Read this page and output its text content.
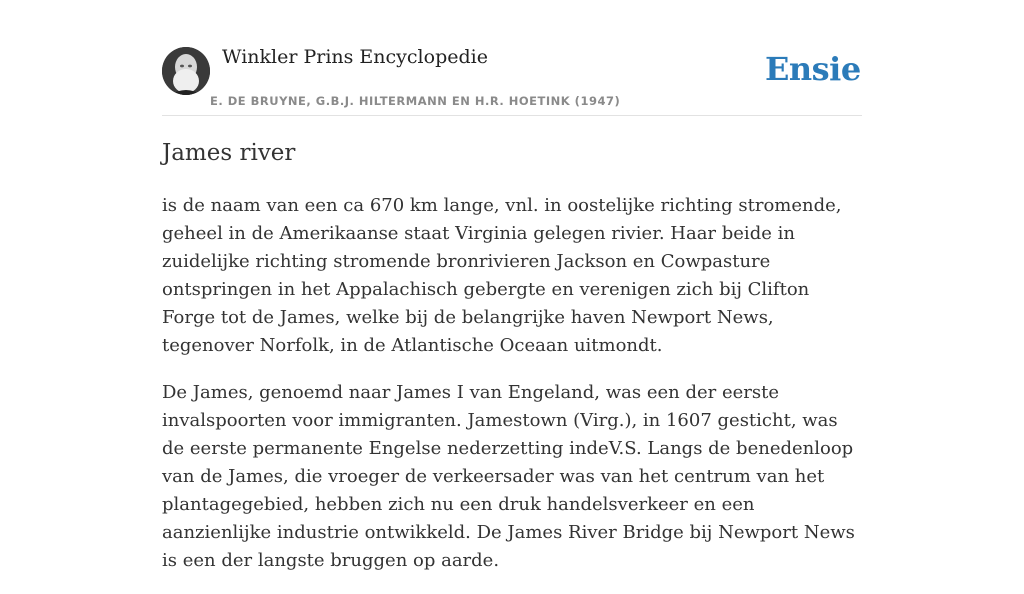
Winkler Prins Encyclopedie	Ensie
E. DE BRUYNE, G.B.J. HILTERMANN EN H.R. HOETINK (1947)
James river

is de naam van een ca 670 km lange, vnl. in oostelijke richting stromende, geheel in de Amerikaanse staat Virginia gelegen rivier. Haar beide in zuidelijke richting stromende bronrivieren Jackson en Cowpasture ontspringen in het Appalachisch gebergte en verenigen zich bij Clifton Forge tot de James, welke bij de belangrijke haven Newport News, tegenover Norfolk, in de Atlantische Oceaan uitmondt.

De James, genoemd naar James I van Engeland, was een der eerste invalspoorten voor immigranten. Jamestown (Virg.), in 1607 gesticht, was de eerste permanente Engelse nederzetting indeV.S. Langs de benedenloop van de James, die vroeger de verkeersader was van het centrum van het plantagegebied, hebben zich nu een druk handelsverkeer en een aanzienlijke industrie ontwikkeld. De James River Bridge bij Newport News is een der langste bruggen op aarde.
